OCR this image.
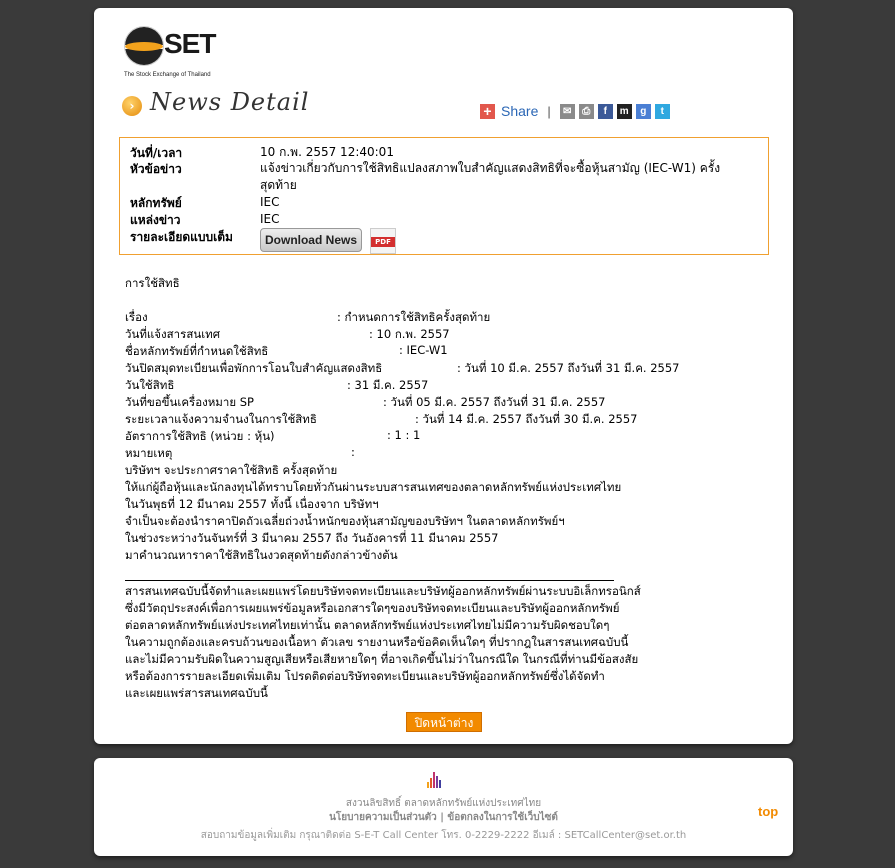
SET
The Stock Exchange of Thailand
› News Detail	+ Share |	✉	⎙	f	m	g	t
วันที่/เวลา	10 ก.พ. 2557 12:40:01
หัวข้อข่าว	แจ้งข่าวเกี่ยวกับการใช้สิทธิแปลงสภาพใบสำคัญแสดงสิทธิที่จะซื้อหุ้นสามัญ (IEC-W1) ครั้งสุดท้าย
หลักทรัพย์	IEC
แหล่งข่าว	IEC
รายละเอียดแบบเต็ม	Download News	PDF
การใช้สิทธิ
เรื่อง	: กำหนดการใช้สิทธิครั้งสุดท้าย
วันที่แจ้งสารสนเทศ	: 10 ก.พ. 2557
ชื่อหลักทรัพย์ที่กำหนดใช้สิทธิ	: IEC-W1
วันปิดสมุดทะเบียนเพื่อพักการโอนใบสำคัญแสดงสิทธิ	: วันที่ 10 มี.ค. 2557 ถึงวันที่ 31 มี.ค. 2557
วันใช้สิทธิ	: 31 มี.ค. 2557
วันที่ขอขึ้นเครื่องหมาย SP	: วันที่ 05 มี.ค. 2557 ถึงวันที่ 31 มี.ค. 2557
ระยะเวลาแจ้งความจำนงในการใช้สิทธิ	: วันที่ 14 มี.ค. 2557 ถึงวันที่ 30 มี.ค. 2557
อัตราการใช้สิทธิ (หน่วย : หุ้น)	: 1 : 1
หมายเหตุ	:
บริษัทฯ จะประกาศราคาใช้สิทธิ ครั้งสุดท้าย
ให้แก่ผู้ถือหุ้นและนักลงทุนได้ทราบโดยทั่วกันผ่านระบบสารสนเทศของตลาดหลักทรัพย์แห่งประเทศไทย
ในวันพุธที่ 12 มีนาคม 2557 ทั้งนี้ เนื่องจาก บริษัทฯ
จำเป็นจะต้องนำราคาปิดถัวเฉลี่ยถ่วงน้ำหนักของหุ้นสามัญของบริษัทฯ ในตลาดหลักทรัพย์ฯ
ในช่วงระหว่างวันจันทร์ที่ 3 มีนาคม 2557 ถึง วันอังคารที่ 11 มีนาคม 2557
มาคำนวณหาราคาใช้สิทธิในงวดสุดท้ายดังกล่าวข้างต้น
สารสนเทศฉบับนี้จัดทำและเผยแพร่โดยบริษัทจดทะเบียนและบริษัทผู้ออกหลักทรัพย์ผ่านระบบอิเล็กทรอนิกส์
ซึ่งมีวัตถุประสงค์เพื่อการเผยแพร่ข้อมูลหรือเอกสารใดๆของบริษัทจดทะเบียนและบริษัทผู้ออกหลักทรัพย์
ต่อตลาดหลักทรัพย์แห่งประเทศไทยเท่านั้น ตลาดหลักทรัพย์แห่งประเทศไทยไม่มีความรับผิดชอบใดๆ
ในความถูกต้องและครบถ้วนของเนื้อหา ตัวเลข รายงานหรือข้อคิดเห็นใดๆ ที่ปรากฎในสารสนเทศฉบับนี้
และไม่มีความรับผิดในความสูญเสียหรือเสียหายใดๆ ที่อาจเกิดขึ้นไม่ว่าในกรณีใด ในกรณีที่ท่านมีข้อสงสัย
หรือต้องการรายละเอียดเพิ่มเติม โปรดติดต่อบริษัทจดทะเบียนและบริษัทผู้ออกหลักทรัพย์ซึ่งได้จัดทำ
และเผยแพร่สารสนเทศฉบับนี้
ปิดหน้าต่าง
สงวนลิขสิทธิ์ ตลาดหลักทรัพย์แห่งประเทศไทย
นโยบายความเป็นส่วนตัว | ข้อตกลงในการใช้เว็บไซต์
สอบถามข้อมูลเพิ่มเติม กรุณาติดต่อ S-E-T Call Center โทร. 0-2229-2222 อีเมล์ : SETCallCenter@set.or.th
top
